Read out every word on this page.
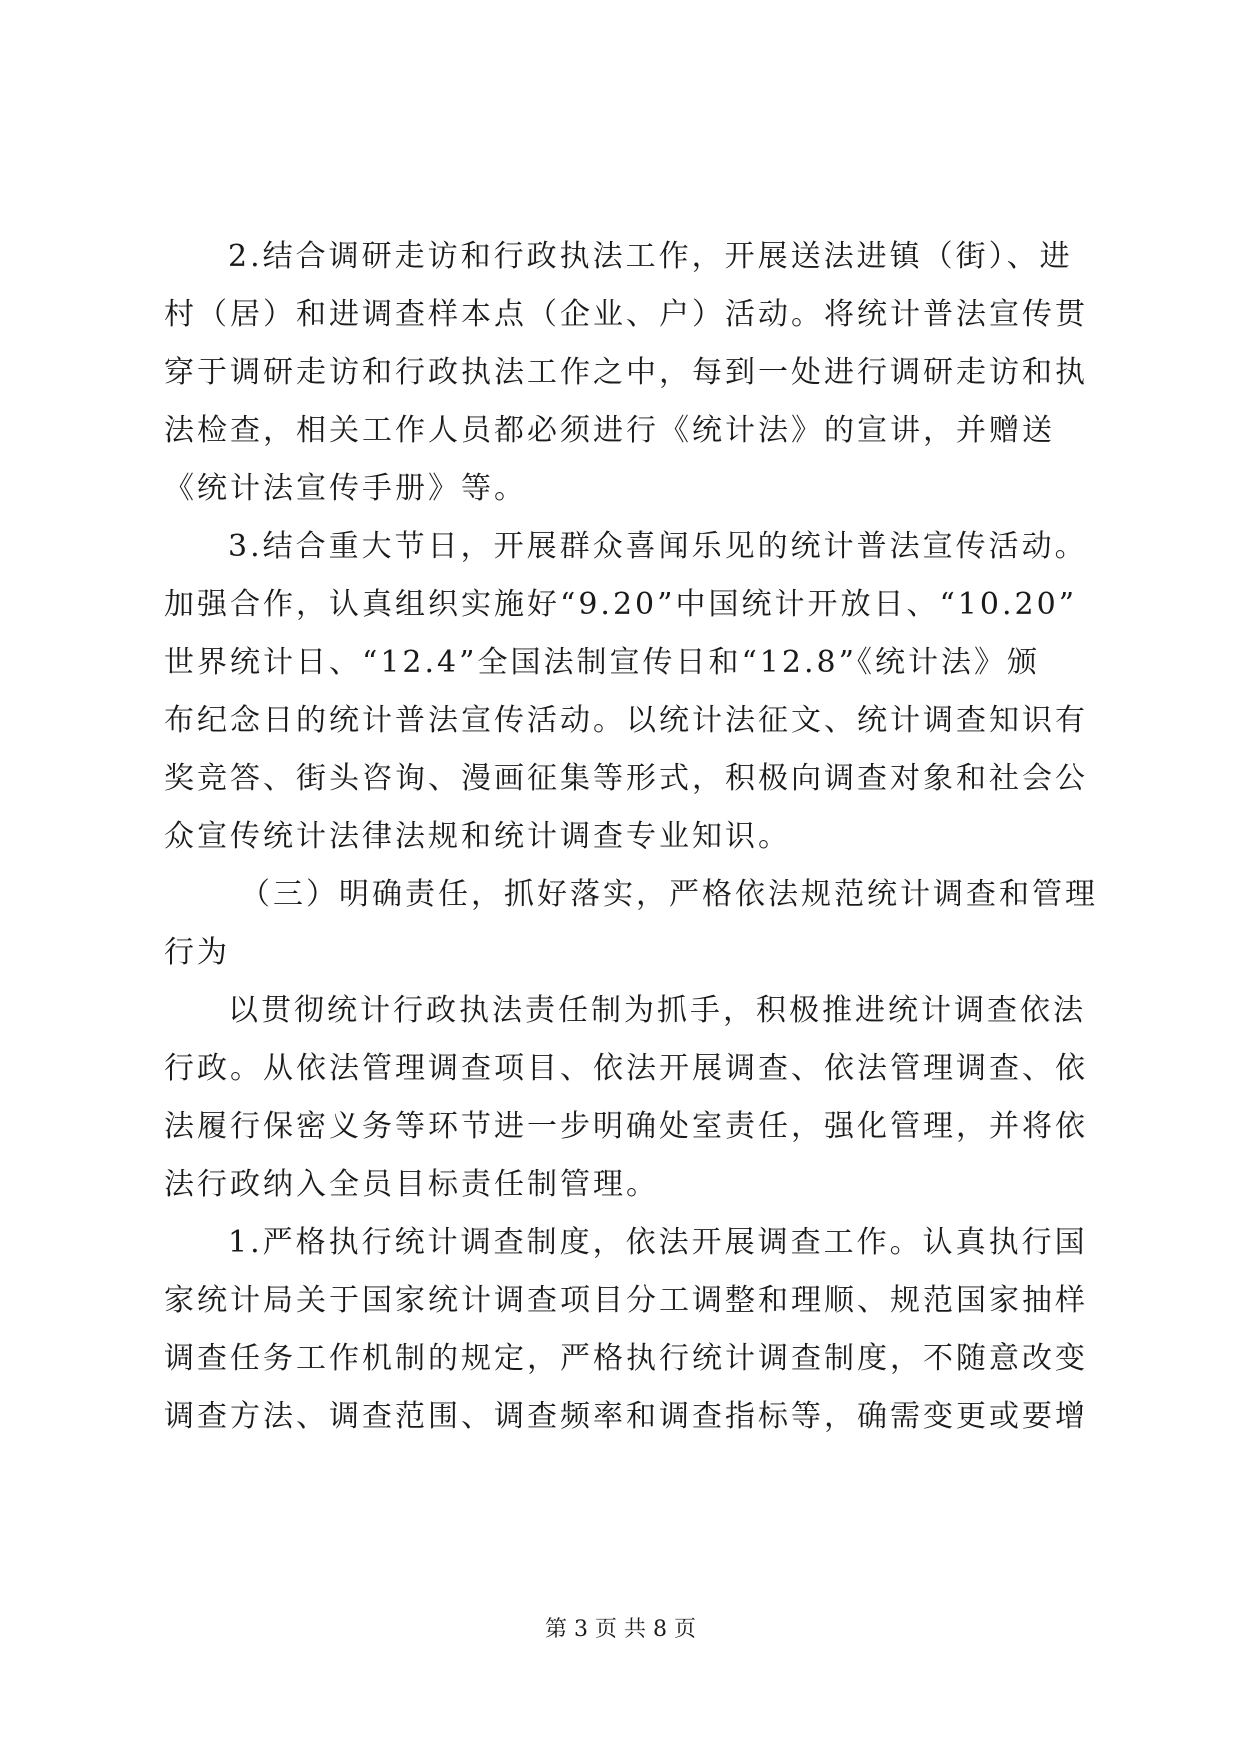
2.结合调研走访和行政执法工作，开展送法进镇（街）、进
村（居）和进调查样本点（企业、户）活动。将统计普法宣传贯
穿于调研走访和行政执法工作之中，每到一处进行调研走访和执
法检查，相关工作人员都必须进行《统计法》的宣讲，并赠送
《统计法宣传手册》等。
3.结合重大节日，开展群众喜闻乐见的统计普法宣传活动。
加强合作，认真组织实施好“9.20”中国统计开放日、“10.20”
世界统计日、“12.4”全国法制宣传日和“12.8”《统计法》颁
布纪念日的统计普法宣传活动。以统计法征文、统计调查知识有
奖竞答、街头咨询、漫画征集等形式，积极向调查对象和社会公
众宣传统计法律法规和统计调查专业知识。
（三）明确责任，抓好落实，严格依法规范统计调查和管理
行为
以贯彻统计行政执法责任制为抓手，积极推进统计调查依法
行政。从依法管理调查项目、依法开展调查、依法管理调查、依
法履行保密义务等环节进一步明确处室责任，强化管理，并将依
法行政纳入全员目标责任制管理。
1.严格执行统计调查制度，依法开展调查工作。认真执行国
家统计局关于国家统计调查项目分工调整和理顺、规范国家抽样
调查任务工作机制的规定，严格执行统计调查制度，不随意改变
调查方法、调查范围、调查频率和调查指标等，确需变更或要增
第 3 页 共 8 页
